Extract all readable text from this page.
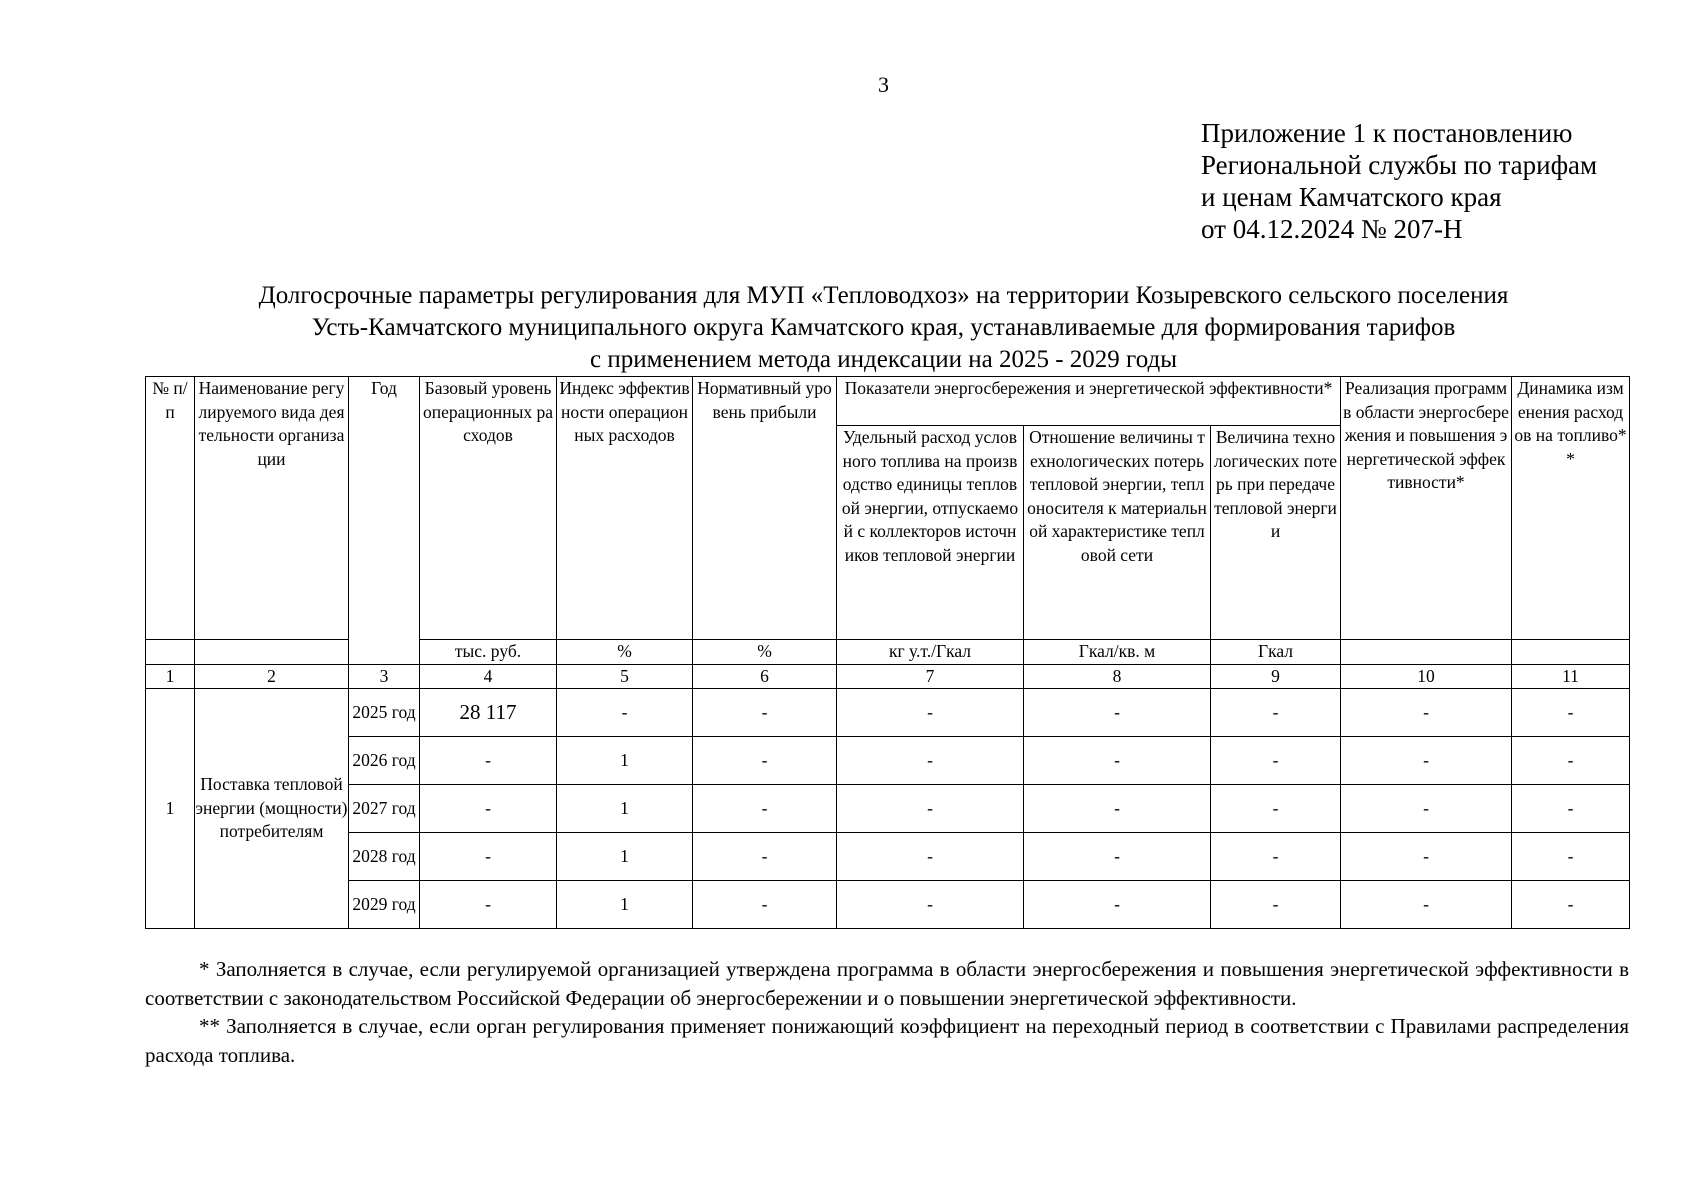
3
Приложение 1 к постановлению
Региональной службы по тарифам
и ценам Камчатского края
от 04.12.2024 № 207-Н
Долгосрочные параметры регулирования для МУП «Тепловодхоз» на территории Козыревского сельского поселения
Усть-Камчатского муниципального округа Камчатского края, устанавливаемые для формирования тарифов
с применением метода индексации на 2025 - 2029 годы
№ п/п	Наименование регулируемого вида деятельности организации	Год	Базовый уровень операционных расходов	Индекс эффективности операционных расходов	Нормативный уровень прибыли	Показатели энергосбережения и энергетической эффективности*			Реализация программ в области энергосбережения и повышения энергетической эффективности*	Динамика изменения расходов на топливо**
						Удельный расход условного топлива на производство единицы тепловой энергии, отпускаемой с коллекторов источников тепловой энергии	Отношение величины технологических потерь тепловой энергии, теплоносителя к материальной характеристике тепловой сети	Величина технологических потерь при передаче тепловой энергии		
			тыс. руб.	%	%	кг у.т./Гкал	Гкал/кв. м	Гкал		
1	2	3	4	5	6	7	8	9	10	11
1	Поставка тепловой энергии (мощности) потребителям	2025 год	28 117	-	-	-	-	-	-	-
		2026 год	-	1	-	-	-	-	-	-
		2027 год	-	1	-	-	-	-	-	-
		2028 год	-	1	-	-	-	-	-	-
		2029 год	-	1	-	-	-	-	-	-

* Заполняется в случае, если регулируемой организацией утверждена программа в области энергосбережения и повышения энергетической эффективности в соответствии с законодательством Российской Федерации об энергосбережении и о повышении энергетической эффективности.

** Заполняется в случае, если орган регулирования применяет понижающий коэффициент на переходный период в соответствии с Правилами распределения расхода топлива.
